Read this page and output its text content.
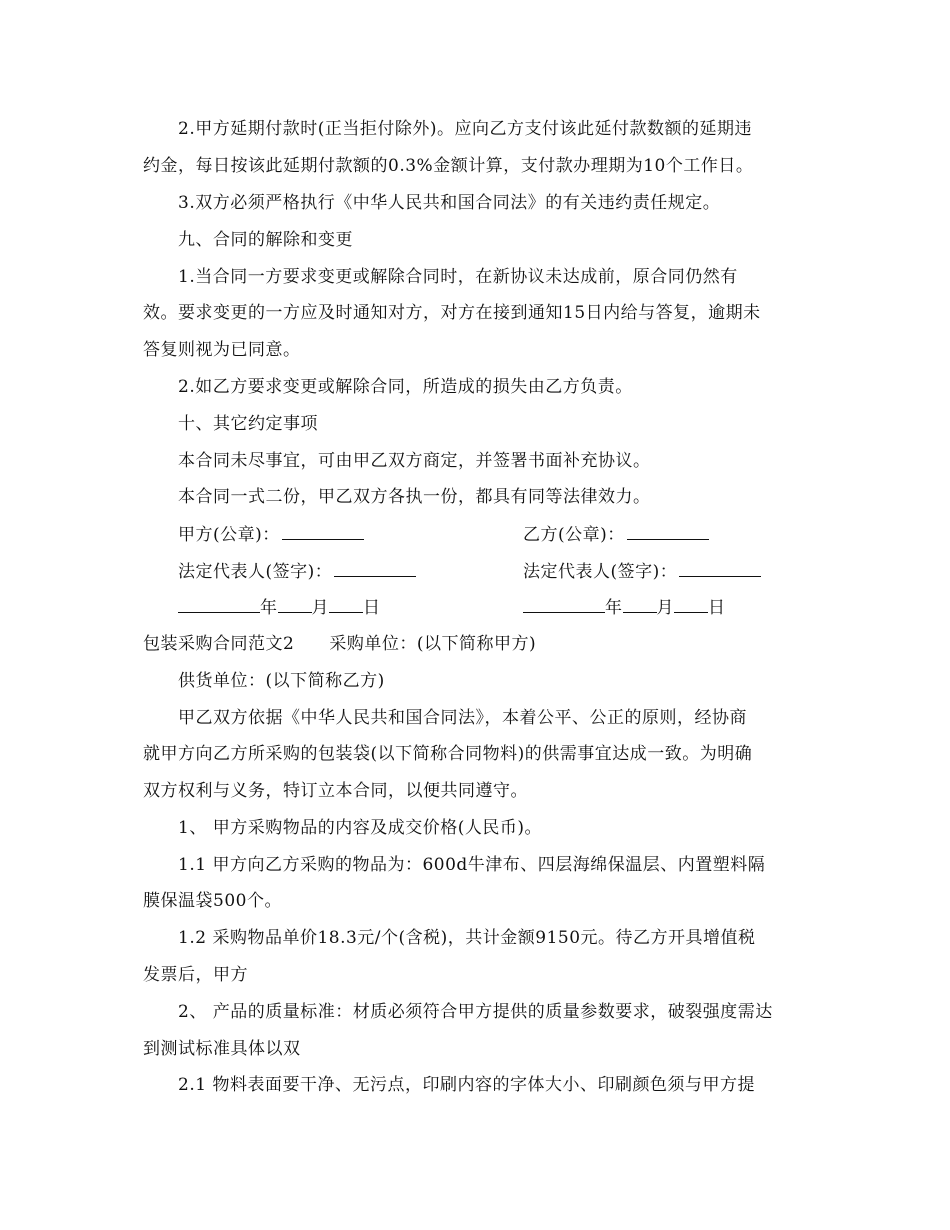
2.甲方延期付款时(正当拒付除外)。应向乙方支付该此延付款数额的延期违
约金，每日按该此延期付款额的0.3%金额计算，支付款办理期为10个工作日。
3.双方必须严格执行《中华人民共和国合同法》的有关违约责任规定。
九、合同的解除和变更
1.当合同一方要求变更或解除合同时，在新协议未达成前，原合同仍然有
效。要求变更的一方应及时通知对方，对方在接到通知15日内给与答复，逾期未
答复则视为已同意。
2.如乙方要求变更或解除合同，所造成的损失由乙方负责。
十、其它约定事项
本合同未尽事宜，可由甲乙双方商定，并签署书面补充协议。
本合同一式二份，甲乙双方各执一份，都具有同等法律效力。
甲方(公章)：	乙方(公章)：
法定代表人(签字)：	法定代表人(签字)：
年 月 日	年 月 日
包装采购合同范文2　　采购单位：(以下简称甲方)
供货单位：(以下简称乙方)
甲乙双方依据《中华人民共和国合同法》，本着公平、公正的原则，经协商
就甲方向乙方所采购的包装袋(以下简称合同物料)的供需事宜达成一致。为明确
双方权利与义务，特订立本合同，以便共同遵守。
1、 甲方采购物品的内容及成交价格(人民币)。
1.1 甲方向乙方采购的物品为：600d牛津布、四层海绵保温层、内置塑料隔
膜保温袋500个。
1.2 采购物品单价18.3元/个(含税)，共计金额9150元。待乙方开具增值税
发票后，甲方
2、 产品的质量标准：材质必须符合甲方提供的质量参数要求，破裂强度需达
到测试标准具体以双
2.1 物料表面要干净、无污点，印刷内容的字体大小、印刷颜色须与甲方提
